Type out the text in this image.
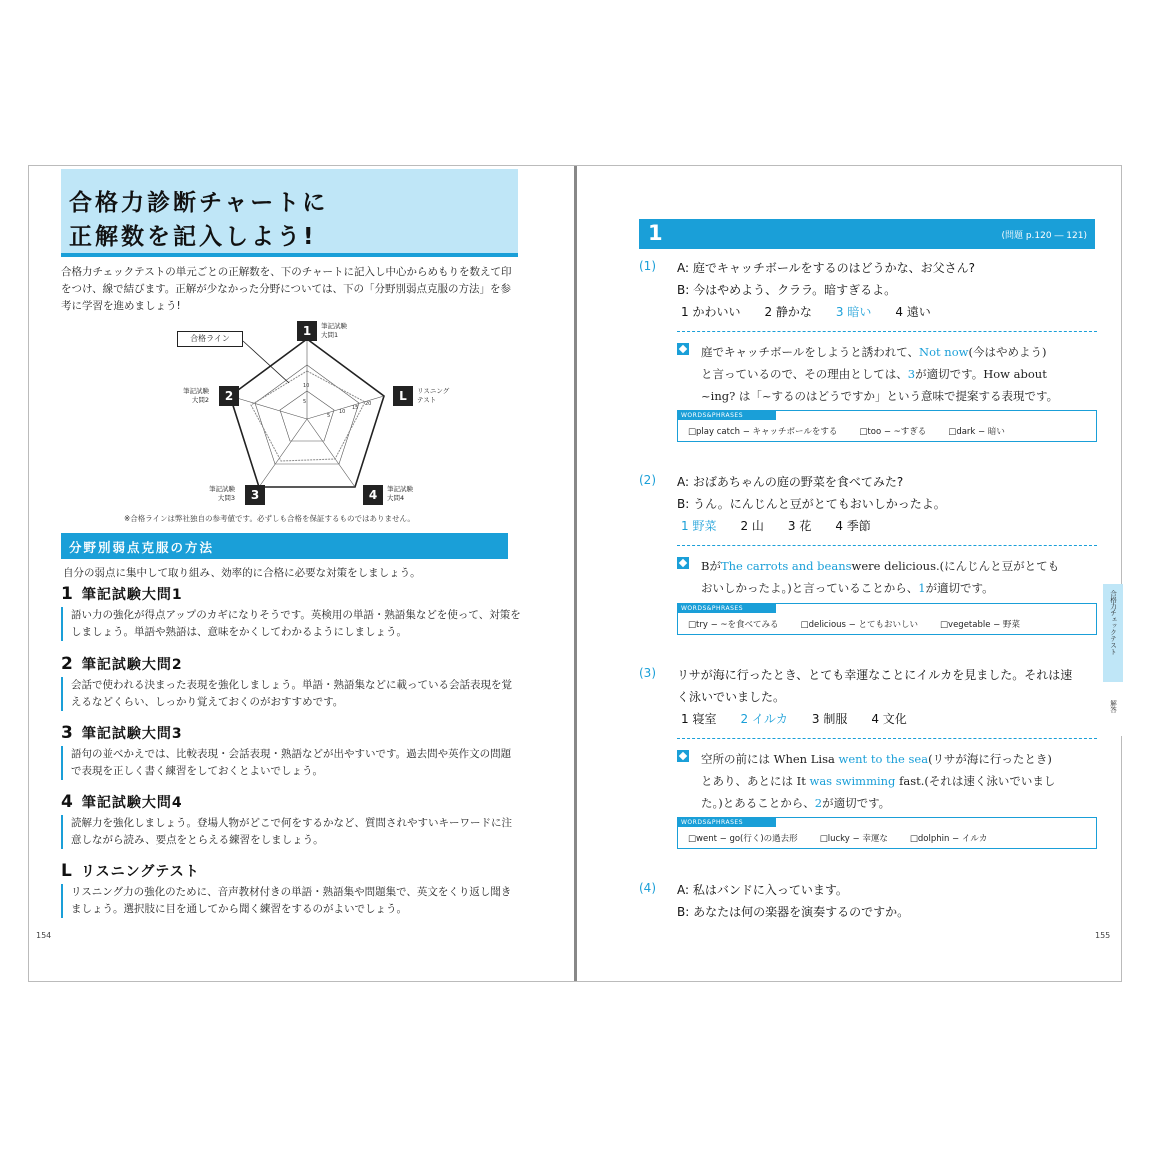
合格力診断チャートに
正解数を記入しよう!

合格力チェックテストの単元ごとの正解数を、下のチャートに記入し中心からめもりを数えて印をつけ、線で結びます。正解が少なかった分野については、下の「分野別弱点克服の方法」を参考に学習を進めましょう!

5
10
15
20
10
5
合格ライン
1	筆記試験
大問1
L	リスニング
テスト
4	筆記試験
大問4
3
筆記試験
大問3
2
筆記試験
大問2
※合格ラインは弊社独自の参考値です。必ずしも合格を保証するものではありません。
分野別弱点克服の方法
自分の弱点に集中して取り組み、効率的に合格に必要な対策をしましょう。
1 筆記試験大問1
語い力の強化が得点アップのカギになりそうです。英検用の単語・熟語集などを使って、対策をしましょう。単語や熟語は、意味をかくしてわかるようにしましょう。
2 筆記試験大問2
会話で使われる決まった表現を強化しましょう。単語・熟語集などに載っている会話表現を覚えるなどくらい、しっかり覚えておくのがおすすめです。
3 筆記試験大問3
語句の並べかえでは、比較表現・会話表現・熟語などが出やすいです。過去問や英作文の問題で表現を正しく書く練習をしておくとよいでしょう。
4 筆記試験大問4
読解力を強化しましょう。登場人物がどこで何をするかなど、質問されやすいキーワードに注意しながら読み、要点をとらえる練習をしましょう。
L リスニングテスト
リスニング力の強化のために、音声教材付きの単語・熟語集や問題集で、英文をくり返し聞きましょう。選択肢に目を通してから聞く練習をするのがよいでしょう。
154
1	(問題 p.120 ― 121)
(1) A: 庭でキャッチボールをするのはどうかな、お父さん?
B: 今はやめよう、クララ。暗すぎるよ。
1 かわいい 2 静かな 3 暗い 4 遠い
庭でキャッチボールをしようと誘われて、Not now(今はやめよう)
と言っているので、その理由としては、3が適切です。How about
~ing? は「~するのはどうですか」という意味で提案する表現です。
WORDS&PHRASES
□play catch − キャッチボールをする	□too − ~すぎる	□dark − 暗い
(2) A: おばあちゃんの庭の野菜を食べてみた?
B: うん。にんじんと豆がとてもおいしかったよ。
1 野菜 2 山 3 花 4 季節
BがThe carrots and beanswere delicious.(にんじんと豆がとても
おいしかったよ。)と言っていることから、1が適切です。
WORDS&PHRASES
□try − ~を食べてみる	□delicious − とてもおいしい	□vegetable − 野菜
(3) リサが海に行ったとき、とても幸運なことにイルカを見ました。それは速
く泳いでいました。
1 寝室 2 イルカ 3 制服 4 文化
空所の前には When Lisa went to the sea(リサが海に行ったとき)
とあり、あとには It was swimming fast.(それは速く泳いでいまし
た。)とあることから、2が適切です。
WORDS&PHRASES
□went − go(行く)の過去形	□lucky − 幸運な	□dolphin − イルカ
(4) A: 私はバンドに入っています。
B: あなたは何の楽器を演奏するのですか。
合格力チェックテスト
解答
155
